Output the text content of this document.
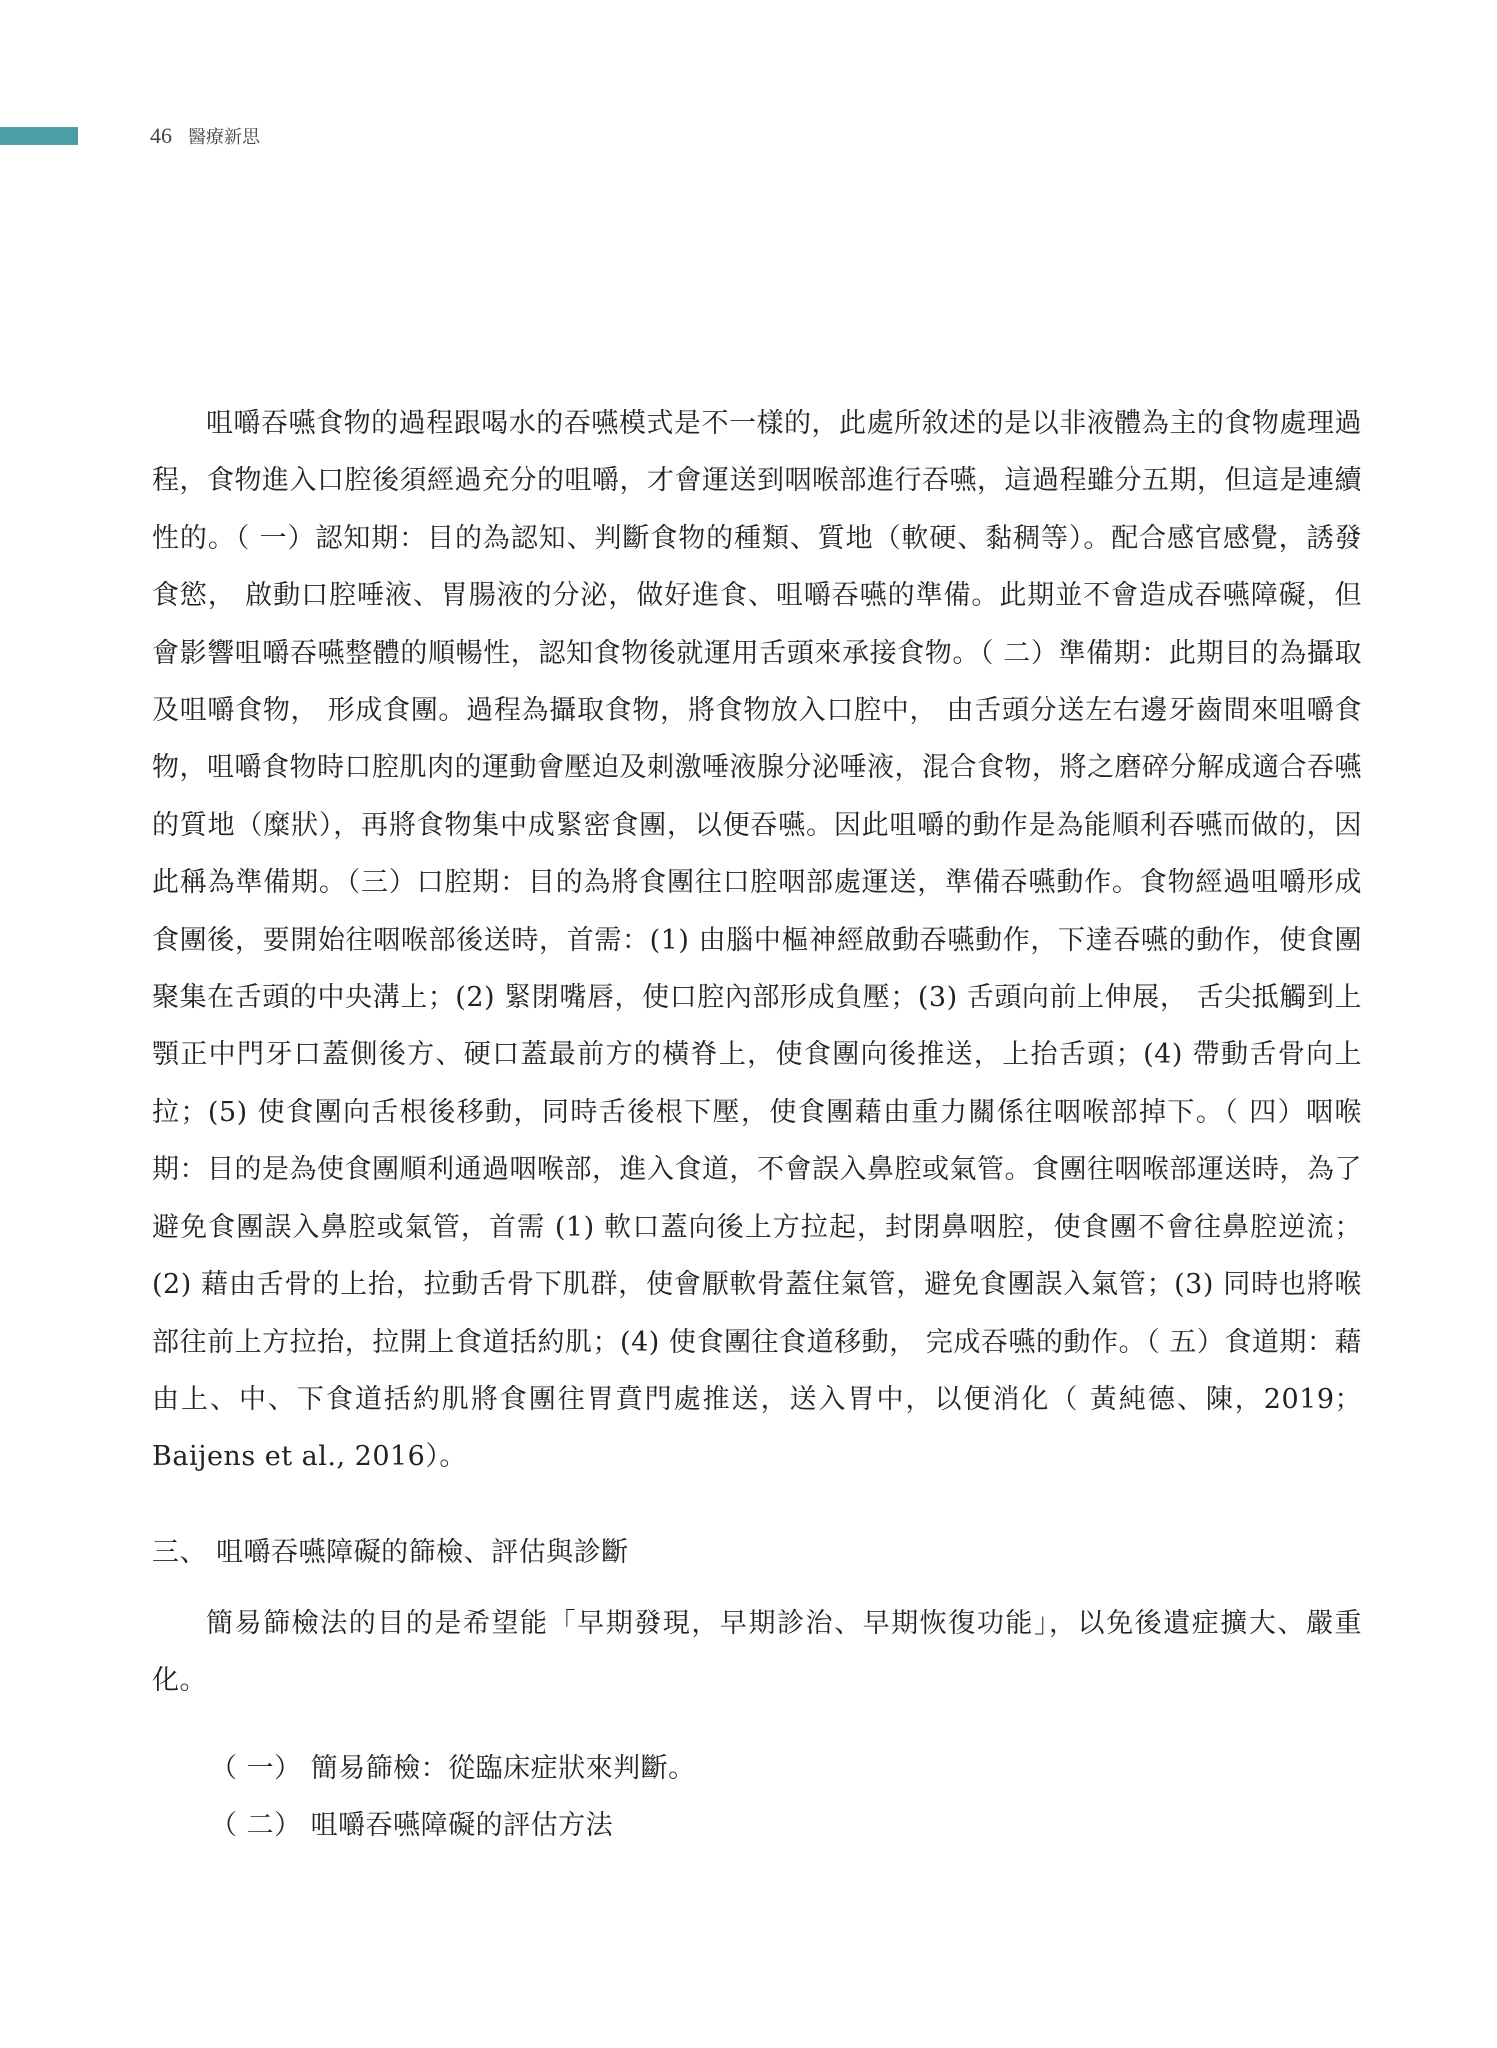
46 醫療新思

咀嚼吞嚥食物的過程跟喝水的吞嚥模式是不一樣的，此處所敘述的是以非液體為主的食物處理過程，食物進入口腔後須經過充分的咀嚼，才會運送到咽喉部進行吞嚥，這過程雖分五期，但這是連續性的。（ 一）認知期：目的為認知、判斷食物的種類、質地（軟硬、黏稠等）。配合感官感覺，誘發食慾， 啟動口腔唾液、胃腸液的分泌，做好進食、咀嚼吞嚥的準備。此期並不會造成吞嚥障礙，但會影響咀嚼吞嚥整體的順暢性，認知食物後就運用舌頭來承接食物。（ 二）準備期：此期目的為攝取及咀嚼食物， 形成食團。過程為攝取食物，將食物放入口腔中， 由舌頭分送左右邊牙齒間來咀嚼食物，咀嚼食物時口腔肌肉的運動會壓迫及刺激唾液腺分泌唾液，混合食物，將之磨碎分解成適合吞嚥的質地（糜狀），再將食物集中成緊密食團，以便吞嚥。因此咀嚼的動作是為能順利吞嚥而做的，因此稱為準備期。（三）口腔期：目的為將食團往口腔咽部處運送，準備吞嚥動作。食物經過咀嚼形成食團後，要開始往咽喉部後送時，首需：(1) 由腦中樞神經啟動吞嚥動作，下達吞嚥的動作，使食團聚集在舌頭的中央溝上；(2) 緊閉嘴唇，使口腔內部形成負壓；(3) 舌頭向前上伸展， 舌尖抵觸到上顎正中門牙口蓋側後方、硬口蓋最前方的橫脊上，使食團向後推送，上抬舌頭；(4) 帶動舌骨向上拉；(5) 使食團向舌根後移動，同時舌後根下壓，使食團藉由重力關係往咽喉部掉下。（ 四）咽喉期：目的是為使食團順利通過咽喉部，進入食道，不會誤入鼻腔或氣管。食團往咽喉部運送時，為了避免食團誤入鼻腔或氣管，首需 (1) 軟口蓋向後上方拉起，封閉鼻咽腔，使食團不會往鼻腔逆流；(2) 藉由舌骨的上抬，拉動舌骨下肌群，使會厭軟骨蓋住氣管，避免食團誤入氣管；(3) 同時也將喉部往前上方拉抬，拉開上食道括約肌；(4) 使食團往食道移動， 完成吞嚥的動作。（ 五）食道期：藉由上、中、下食道括約肌將食團往胃賁門處推送，送入胃中，以便消化（ 黃純德、陳，2019；Baijens et al., 2016）。

三、 咀嚼吞嚥障礙的篩檢、評估與診斷

簡易篩檢法的目的是希望能「早期發現，早期診治、早期恢復功能」，以免後遺症擴大、嚴重化。

（ 一） 簡易篩檢：從臨床症狀來判斷。

（ 二） 咀嚼吞嚥障礙的評估方法
